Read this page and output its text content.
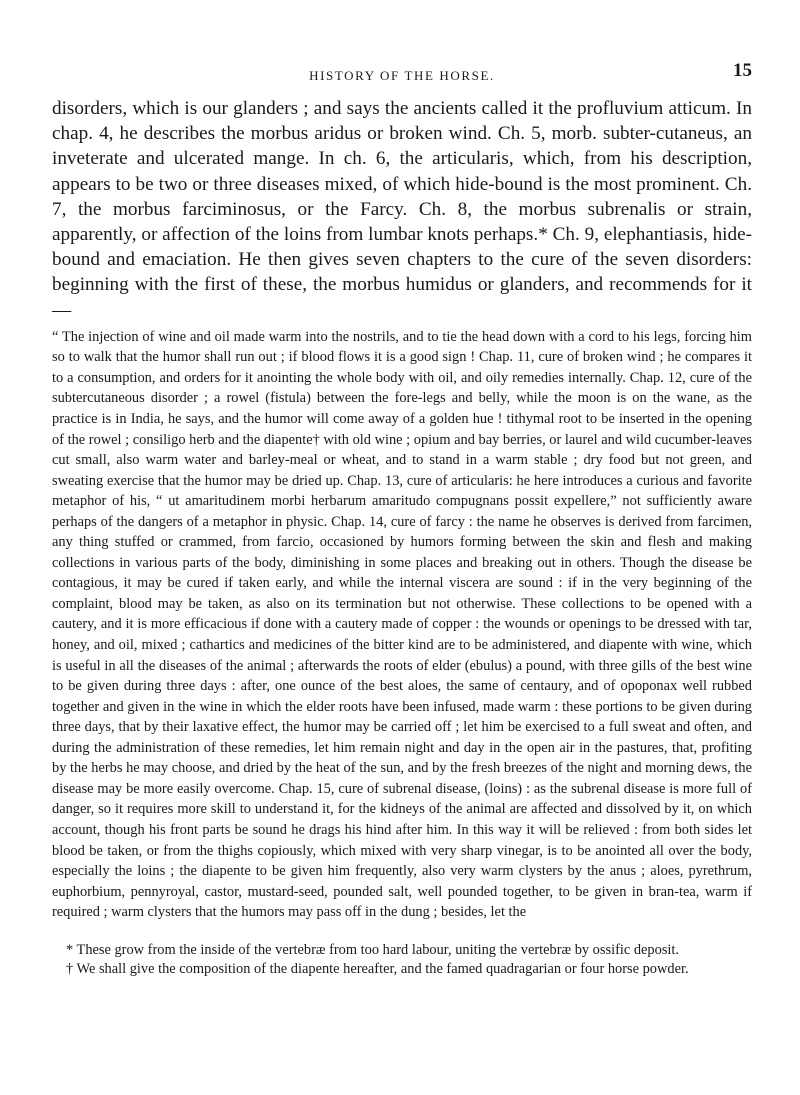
HISTORY OF THE HORSE.	15

disorders, which is our glanders ; and says the ancients called it the profluvium atticum. In chap. 4, he describes the morbus aridus or broken wind. Ch. 5, morb. subter-cutaneus, an inveterate and ulcerated mange. In ch. 6, the articularis, which, from his description, appears to be two or three diseases mixed, of which hide-bound is the most prominent. Ch. 7, the morbus farciminosus, or the Farcy. Ch. 8, the morbus subrenalis or strain, apparently, or affection of the loins from lumbar knots perhaps.* Ch. 9, elephantiasis, hide-bound and emaciation. He then gives seven chapters to the cure of the seven disorders: beginning with the first of these, the morbus humidus or glanders, and recommends for it—

“ The injection of wine and oil made warm into the nostrils, and to tie the head down with a cord to his legs, forcing him so to walk that the humor shall run out ; if blood flows it is a good sign ! Chap. 11, cure of broken wind ; he compares it to a consumption, and orders for it anointing the whole body with oil, and oily remedies internally. Chap. 12, cure of the subtercutaneous disorder ; a rowel (fistula) between the fore-legs and belly, while the moon is on the wane, as the practice is in India, he says, and the humor will come away of a golden hue ! tithymal root to be inserted in the opening of the rowel ; consiligo herb and the diapente† with old wine ; opium and bay berries, or laurel and wild cucumber-leaves cut small, also warm water and barley-meal or wheat, and to stand in a warm stable ; dry food but not green, and sweating exercise that the humor may be dried up. Chap. 13, cure of articularis: he here introduces a curious and favorite metaphor of his, “ ut amaritudinem morbi herbarum amaritudo compugnans possit expellere,” not sufficiently aware perhaps of the dangers of a metaphor in physic. Chap. 14, cure of farcy : the name he observes is derived from farcimen, any thing stuffed or crammed, from farcio, occasioned by humors forming between the skin and flesh and making collections in various parts of the body, diminishing in some places and breaking out in others. Though the disease be contagious, it may be cured if taken early, and while the internal viscera are sound : if in the very beginning of the complaint, blood may be taken, as also on its termination but not otherwise. These collections to be opened with a cautery, and it is more efficacious if done with a cautery made of copper : the wounds or openings to be dressed with tar, honey, and oil, mixed ; cathartics and medicines of the bitter kind are to be administered, and diapente with wine, which is useful in all the diseases of the animal ; afterwards the roots of elder (ebulus) a pound, with three gills of the best wine to be given during three days : after, one ounce of the best aloes, the same of centaury, and of opoponax well rubbed together and given in the wine in which the elder roots have been infused, made warm : these portions to be given during three days, that by their laxative effect, the humor may be carried off ; let him be exercised to a full sweat and often, and during the administration of these remedies, let him remain night and day in the open air in the pastures, that, profiting by the herbs he may choose, and dried by the heat of the sun, and by the fresh breezes of the night and morning dews, the disease may be more easily overcome. Chap. 15, cure of subrenal disease, (loins) : as the subrenal disease is more full of danger, so it requires more skill to understand it, for the kidneys of the animal are affected and dissolved by it, on which account, though his front parts be sound he drags his hind after him. In this way it will be relieved : from both sides let blood be taken, or from the thighs copiously, which mixed with very sharp vinegar, is to be anointed all over the body, especially the loins ; the diapente to be given him frequently, also very warm clysters by the anus ; aloes, pyrethrum, euphorbium, pennyroyal, castor, mustard-seed, pounded salt, well pounded together, to be given in bran-tea, warm if required ; warm clysters that the humors may pass off in the dung ; besides, let the

* These grow from the inside of the vertebræ from too hard labour, uniting the vertebræ by ossific deposit.

† We shall give the composition of the diapente hereafter, and the famed quadragarian or four horse powder.
